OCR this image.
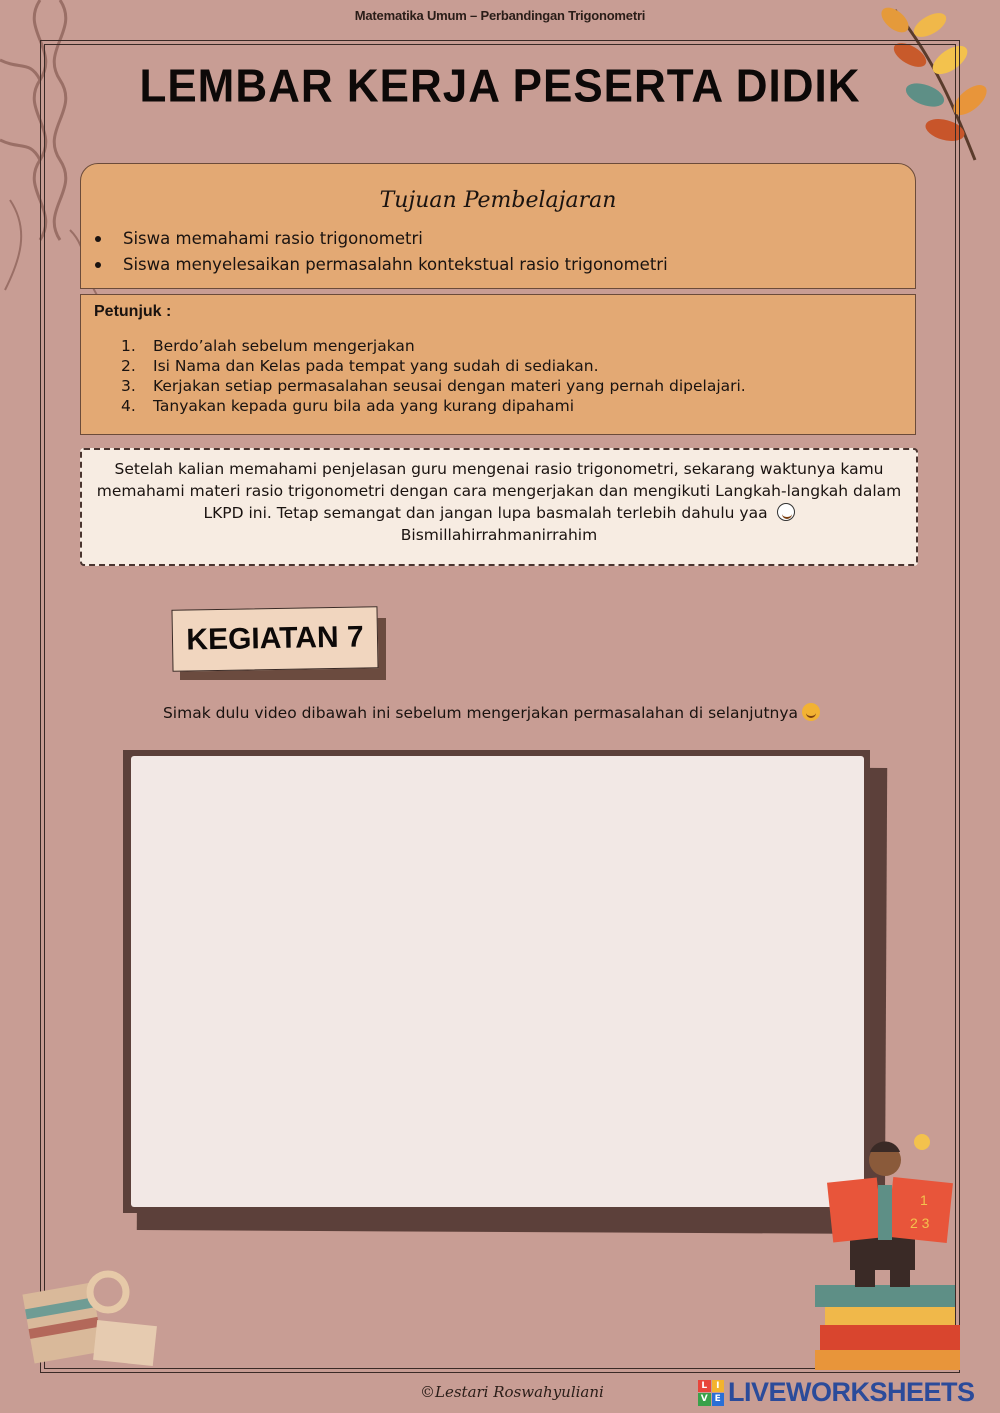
Matematika Umum – Perbandingan Trigonometri
LEMBAR KERJA PESERTA DIDIK
Tujuan Pembelajaran
Siswa memahami rasio trigonometri
Siswa menyelesaikan permasalahn kontekstual rasio trigonometri
Petunjuk :
1.	Berdo’alah sebelum mengerjakan
2.	Isi Nama dan Kelas pada tempat yang sudah di sediakan.
3.	Kerjakan setiap permasalahan seusai dengan materi yang pernah dipelajari.
4.	Tanyakan kepada guru bila ada yang kurang dipahami
Setelah kalian memahami penjelasan guru mengenai rasio trigonometri, sekarang waktunya kamu
memahami materi rasio trigonometri dengan cara mengerjakan dan mengikuti Langkah-langkah dalam
LKPD ini. Tetap semangat dan jangan lupa basmalah terlebih dahulu yaa
Bismillahirrahmanirrahim
KEGIATAN 7
Simak dulu video dibawah ini sebelum mengerjakan permasalahan di selanjutnya
1
2 3
©Lestari Roswahyuliani	L I
V E LIVEWORKSHEETS
